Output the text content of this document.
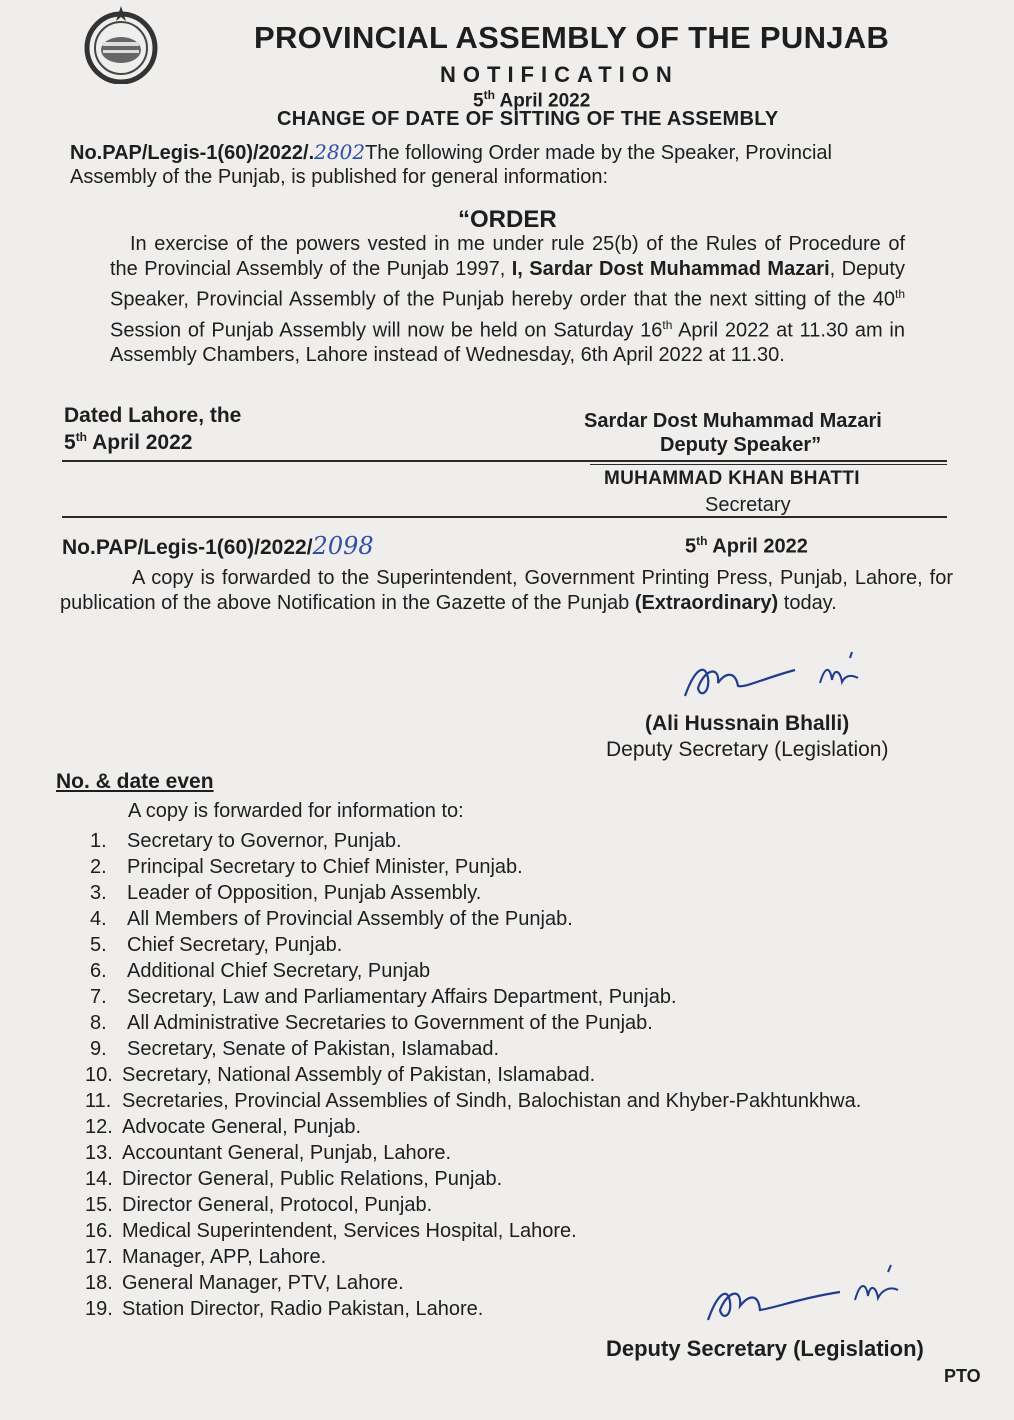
PROVINCIAL ASSEMBLY OF THE PUNJAB
NOTIFICATION
5th April 2022
CHANGE OF DATE OF SITTING OF THE ASSEMBLY
No.PAP/Legis-1(60)/2022/.2802The following Order made by the Speaker, Provincial
Assembly of the Punjab, is published for general information:
“ORDER
In exercise of the powers vested in me under rule 25(b) of the Rules of Procedure of the Provincial Assembly of the Punjab 1997, I, Sardar Dost Muhammad Mazari, Deputy Speaker, Provincial Assembly of the Punjab hereby order that the next sitting of the 40th Session of Punjab Assembly will now be held on Saturday 16th April 2022 at 11.30 am in Assembly Chambers, Lahore instead of Wednesday, 6th April 2022 at 11.30.
Dated Lahore, the
5th April 2022
Sardar Dost Muhammad Mazari
Deputy Speaker”
MUHAMMAD KHAN BHATTI
Secretary
No.PAP/Legis-1(60)/2022/2098	5th April 2022
A copy is forwarded to the Superintendent, Government Printing Press, Punjab, Lahore, for publication of the above Notification in the Gazette of the Punjab (Extraordinary) today.
(Ali Hussnain Bhalli)
Deputy Secretary (Legislation)
No. & date even
A copy is forwarded for information to:
1. Secretary to Governor, Punjab.
2. Principal Secretary to Chief Minister, Punjab.
3. Leader of Opposition, Punjab Assembly.
4. All Members of Provincial Assembly of the Punjab.
5. Chief Secretary, Punjab.
6. Additional Chief Secretary, Punjab
7. Secretary, Law and Parliamentary Affairs Department, Punjab.
8. All Administrative Secretaries to Government of the Punjab.
9. Secretary, Senate of Pakistan, Islamabad.
10. Secretary, National Assembly of Pakistan, Islamabad.
11. Secretaries, Provincial Assemblies of Sindh, Balochistan and Khyber-Pakhtunkhwa.
12. Advocate General, Punjab.
13. Accountant General, Punjab, Lahore.
14. Director General, Public Relations, Punjab.
15. Director General, Protocol, Punjab.
16. Medical Superintendent, Services Hospital, Lahore.
17. Manager, APP, Lahore.
18. General Manager, PTV, Lahore.
19. Station Director, Radio Pakistan, Lahore.
Deputy Secretary (Legislation)
PTO
